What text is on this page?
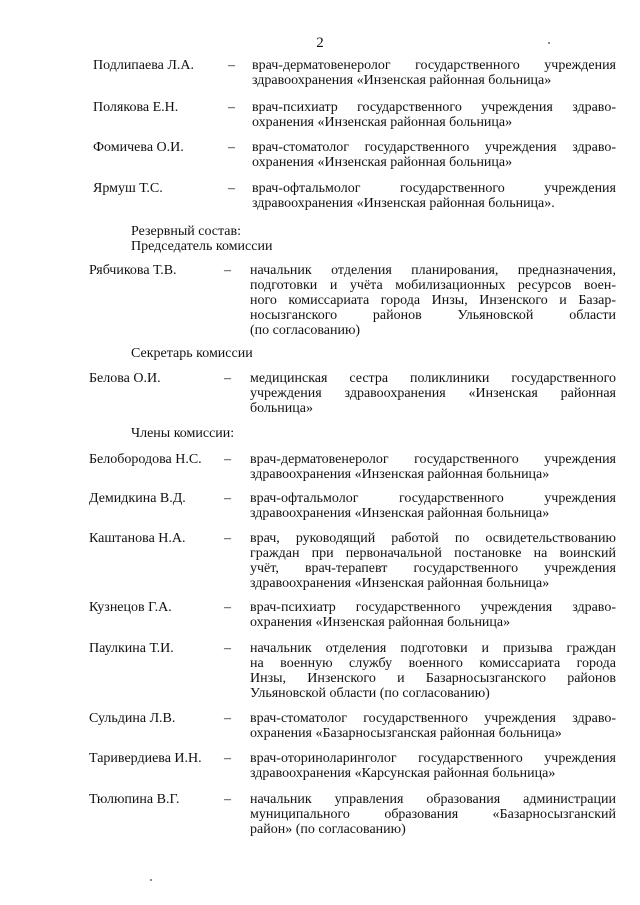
2
Подлипаева Л.А. – врач-дерматовенеролог государственного учреждения
здравоохранения «Инзенская районная больница»
Полякова Е.Н.	– врач-психиатр государственного учреждения здраво-
охранения «Инзенская районная больница»
Фомичева О.И.	– врач-стоматолог государственного учреждения здраво-
охранения «Инзенская районная больница»
Ярмуш Т.С.	– врач-офтальмолог государственного учреждения
здравоохранения «Инзенская районная больница».
Резервный состав:
Председатель комиссии
Рябчикова Т.В.	– начальник отделения планирования, предназначения,
подготовки и учёта мобилизационных ресурсов воен-
ного комиссариата города Инзы, Инзенского и Базар-
носызганского районов Ульяновской области
(по согласованию)
Секретарь комиссии
Белова О.И.	– медицинская сестра поликлиники государственного
учреждения здравоохранения «Инзенская районная
больница»
Члены комиссии:
Белобородова Н.С. – врач-дерматовенеролог государственного учреждения
здравоохранения «Инзенская районная больница»
Демидкина В.Д.	– врач-офтальмолог государственного учреждения
здравоохранения «Инзенская районная больница»
Каштанова Н.А.	– врач, руководящий работой по освидетельствованию
граждан при первоначальной постановке на воинский
учёт, врач-терапевт государственного учреждения
здравоохранения «Инзенская районная больница»
Кузнецов Г.А.	– врач-психиатр государственного учреждения здраво-
охранения «Инзенская районная больница»
Паулкина Т.И.	– начальник отделения подготовки и призыва граждан
на военную службу военного комиссариата города
Инзы, Инзенского и Базарносызганского районов
Ульяновской области (по согласованию)
Сульдина Л.В.	– врач-стоматолог государственного учреждения здраво-
охранения «Базарносызганская районная больница»
Таривердиева И.Н. – врач-оториноларинголог государственного учреждения
здравоохранения «Карсунская районная больница»
Тюлюпина В.Г.	– начальник управления образования администрации
муниципального образования «Базарносызганский
район» (по согласованию)
